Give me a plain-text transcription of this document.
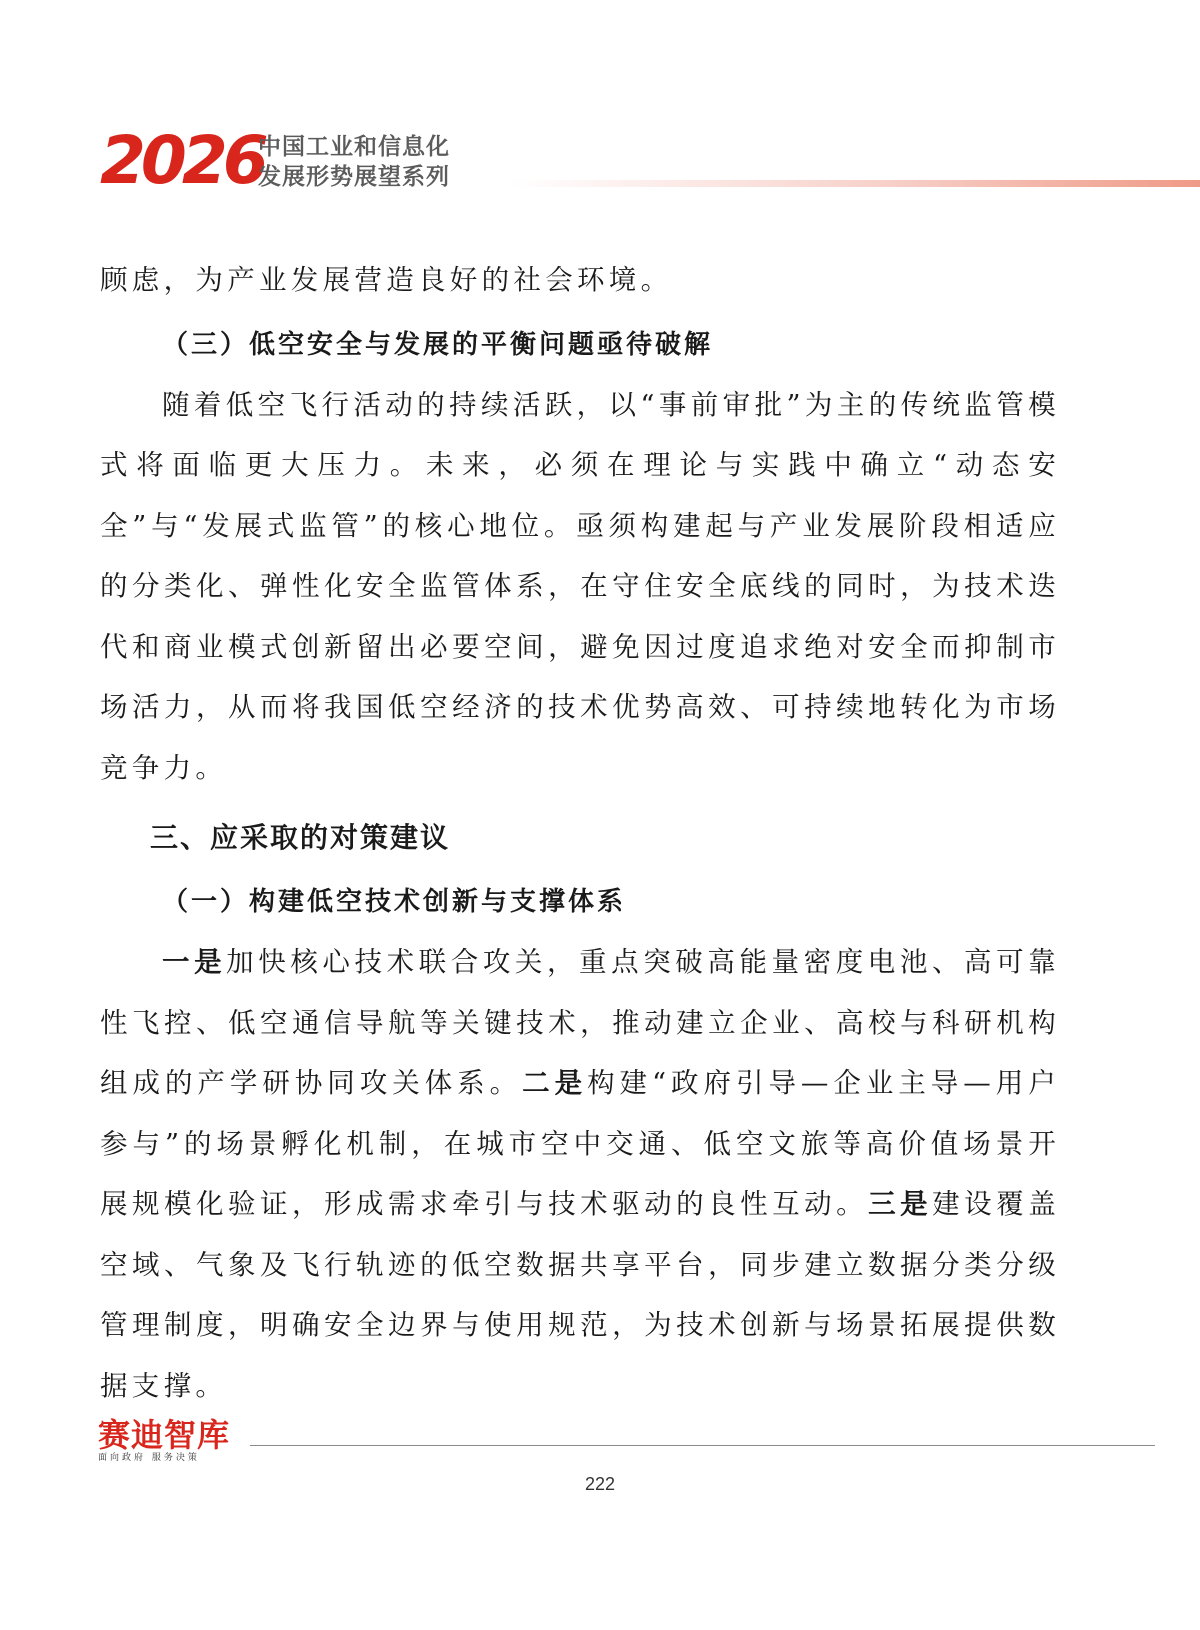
2026
中国工业和信息化
发展形势展望系列

顾虑，为产业发展营造良好的社会环境。

（三）低空安全与发展的平衡问题亟待破解

随着低空飞行活动的持续活跃，以“事前审批”为主的传统监管模式将面临更大压力。未来，必须在理论与实践中确立“动态安全”与“发展式监管”的核心地位。亟须构建起与产业发展阶段相适应的分类化、弹性化安全监管体系，在守住安全底线的同时，为技术迭代和商业模式创新留出必要空间，避免因过度追求绝对安全而抑制市场活力，从而将我国低空经济的技术优势高效、可持续地转化为市场竞争力。

三、应采取的对策建议
（一）构建低空技术创新与支撑体系

一是加快核心技术联合攻关，重点突破高能量密度电池、高可靠性飞控、低空通信导航等关键技术，推动建立企业、高校与科研机构组成的产学研协同攻关体系。二是构建“政府引导—企业主导—用户参与”的场景孵化机制，在城市空中交通、低空文旅等高价值场景开展规模化验证，形成需求牵引与技术驱动的良性互动。三是建设覆盖空域、气象及飞行轨迹的低空数据共享平台，同步建立数据分类分级管理制度，明确安全边界与使用规范，为技术创新与场景拓展提供数据支撑。

赛迪智库
面向政府 服务决策
222
